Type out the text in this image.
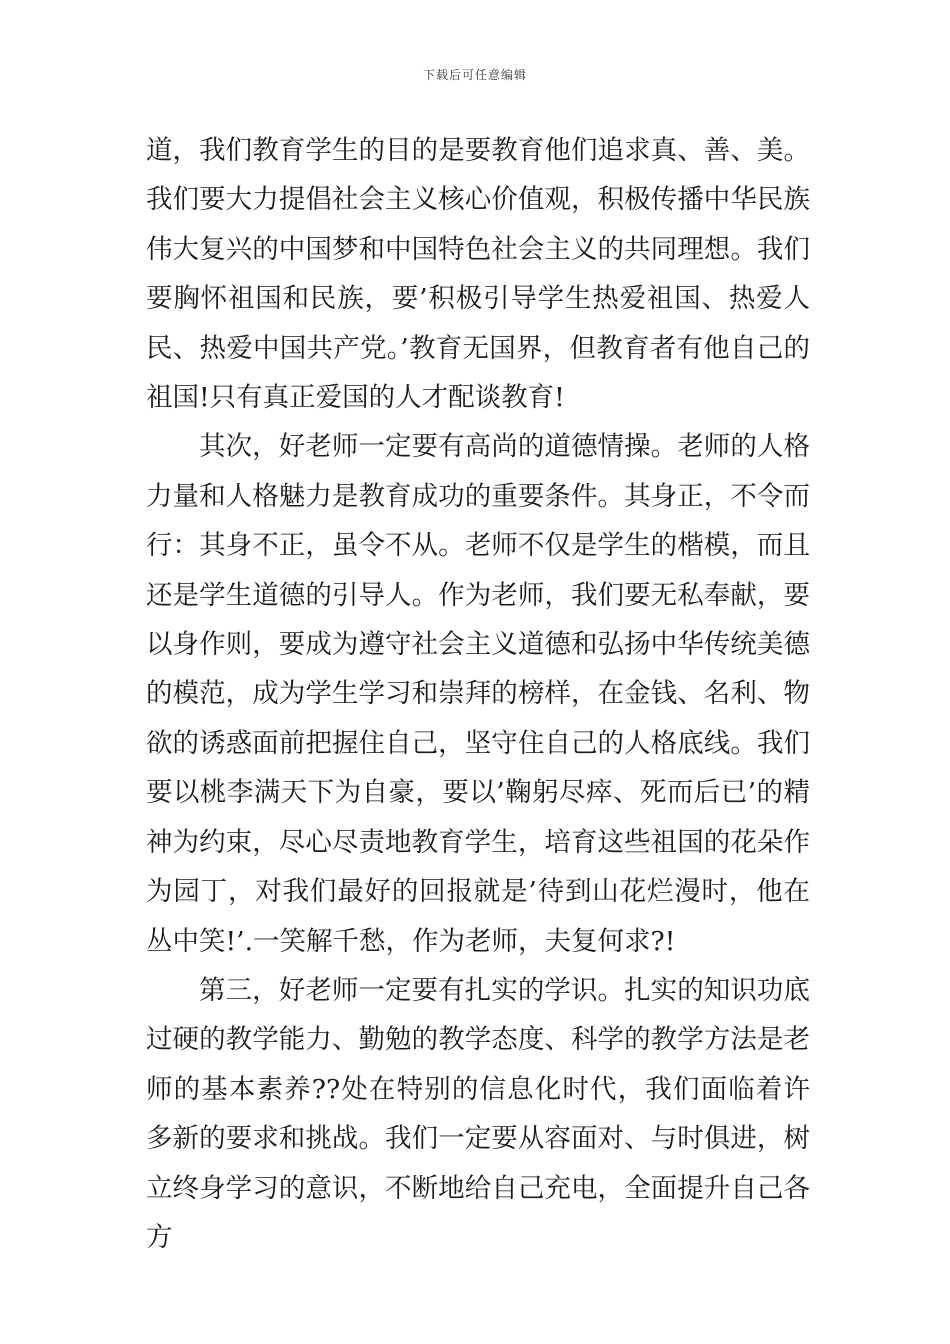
下载后可任意编辑

道，我们教育学生的目的是要教育他们追求真、善、美。我们要大力提倡社会主义核心价值观，积极传播中华民族伟大复兴的中国梦和中国特色社会主义的共同理想。我们要胸怀祖国和民族，要’积极引导学生热爱祖国、热爱人民、热爱中国共产党。’教育无国界，但教育者有他自己的祖国!只有真正爱国的人才配谈教育!

其次，好老师一定要有高尚的道德情操。老师的人格力量和人格魅力是教育成功的重要条件。其身正，不令而行：其身不正，虽令不从。老师不仅是学生的楷模，而且还是学生道德的引导人。作为老师，我们要无私奉献，要以身作则，要成为遵守社会主义道德和弘扬中华传统美德的模范，成为学生学习和崇拜的榜样，在金钱、名利、物欲的诱惑面前把握住自己，坚守住自己的人格底线。我们要以桃李满天下为自豪，要以’鞠躬尽瘁、死而后已’的精神为约束，尽心尽责地教育学生，培育这些祖国的花朵作为园丁，对我们最好的回报就是’待到山花烂漫时，他在丛中笑!’.一笑解千愁，作为老师，夫复何求?!

第三，好老师一定要有扎实的学识。扎实的知识功底过硬的教学能力、勤勉的教学态度、科学的教学方法是老师的基本素养??处在特别的信息化时代，我们面临着许多新的要求和挑战。我们一定要从容面对、与时俱进，树立终身学习的意识，不断地给自己充电，全面提升自己各方
